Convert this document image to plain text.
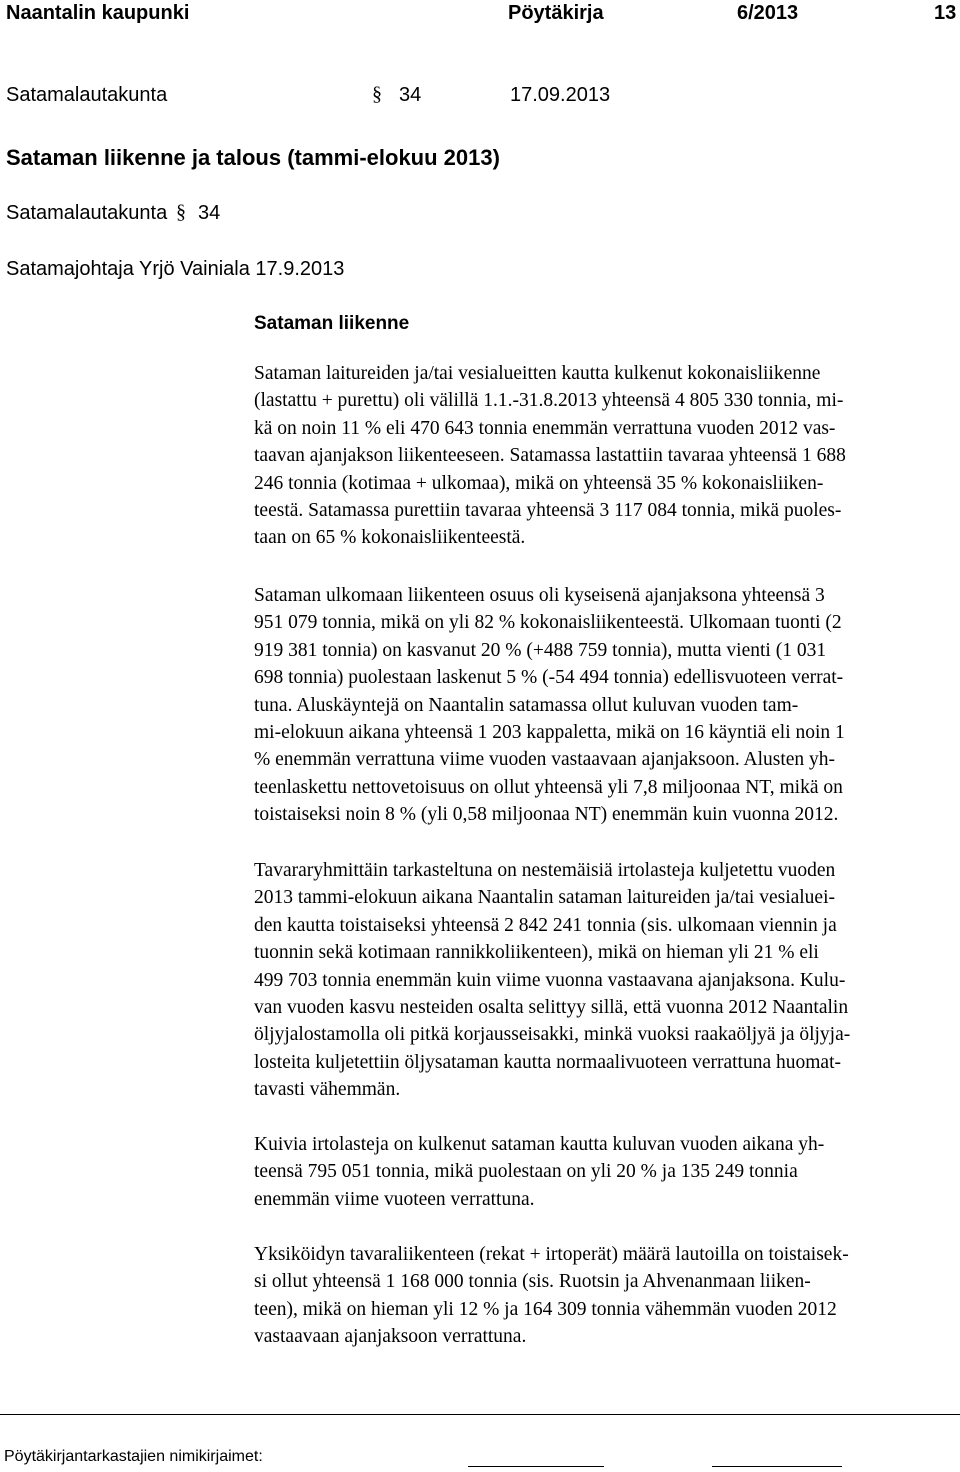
Naantalin kaupunki	Pöytäkirja	6/2013	13
Satamalautakunta	§ 34	17.09.2013
Sataman liikenne ja talous (tammi-elokuu 2013)
Satamalautakunta § 34
Satamajohtaja Yrjö Vainiala 17.9.2013
Sataman liikenne
Sataman laitureiden ja/tai vesialueitten kautta kulkenut kokonaisliikenne
(lastattu + purettu) oli välillä 1.1.-31.8.2013 yhteensä 4 805 330 tonnia, mi-
kä on noin 11 % eli 470 643 tonnia enemmän verrattuna vuoden 2012 vas-
taavan ajanjakson liikenteeseen. Satamassa lastattiin tavaraa yhteensä 1 688
246 tonnia (kotimaa + ulkomaa), mikä on yhteensä 35 % kokonaisliiken-
teestä. Satamassa purettiin tavaraa yhteensä 3 117 084 tonnia, mikä puoles-
taan on 65 % kokonaisliikenteestä.
Sataman ulkomaan liikenteen osuus oli kyseisenä ajanjaksona yhteensä 3
951 079 tonnia, mikä on yli 82 % kokonaisliikenteestä. Ulkomaan tuonti (2
919 381 tonnia) on kasvanut 20 % (+488 759 tonnia), mutta vienti (1 031
698 tonnia) puolestaan laskenut 5 % (-54 494 tonnia) edellisvuoteen verrat-
tuna. Aluskäyntejä on Naantalin satamassa ollut kuluvan vuoden tam-
mi-elokuun aikana yhteensä 1 203 kappaletta, mikä on 16 käyntiä eli noin 1
% enemmän verrattuna viime vuoden vastaavaan ajanjaksoon. Alusten yh-
teenlaskettu nettovetoisuus on ollut yhteensä yli 7,8 miljoonaa NT, mikä on
toistaiseksi noin 8 % (yli 0,58 miljoonaa NT) enemmän kuin vuonna 2012.
Tavararyhmittäin tarkasteltuna on nestemäisiä irtolasteja kuljetettu vuoden
2013 tammi-elokuun aikana Naantalin sataman laitureiden ja/tai vesialuei-
den kautta toistaiseksi yhteensä 2 842 241 tonnia (sis. ulkomaan viennin ja
tuonnin sekä kotimaan rannikkoliikenteen), mikä on hieman yli 21 % eli
499 703 tonnia enemmän kuin viime vuonna vastaavana ajanjaksona. Kulu-
van vuoden kasvu nesteiden osalta selittyy sillä, että vuonna 2012 Naantalin
öljyjalostamolla oli pitkä korjausseisakki, minkä vuoksi raakaöljyä ja öljyja-
losteita kuljetettiin öljysataman kautta normaalivuoteen verrattuna huomat-
tavasti vähemmän.
Kuivia irtolasteja on kulkenut sataman kautta kuluvan vuoden aikana yh-
teensä 795 051 tonnia, mikä puolestaan on yli 20 % ja 135 249 tonnia
enemmän viime vuoteen verrattuna.
Yksiköidyn tavaraliikenteen (rekat + irtoperät) määrä lautoilla on toistaisek-
si ollut yhteensä 1 168 000 tonnia (sis. Ruotsin ja Ahvenanmaan liiken-
teen), mikä on hieman yli 12 % ja 164 309 tonnia vähemmän vuoden 2012
vastaavaan ajanjaksoon verrattuna.
Pöytäkirjantarkastajien nimikirjaimet:
